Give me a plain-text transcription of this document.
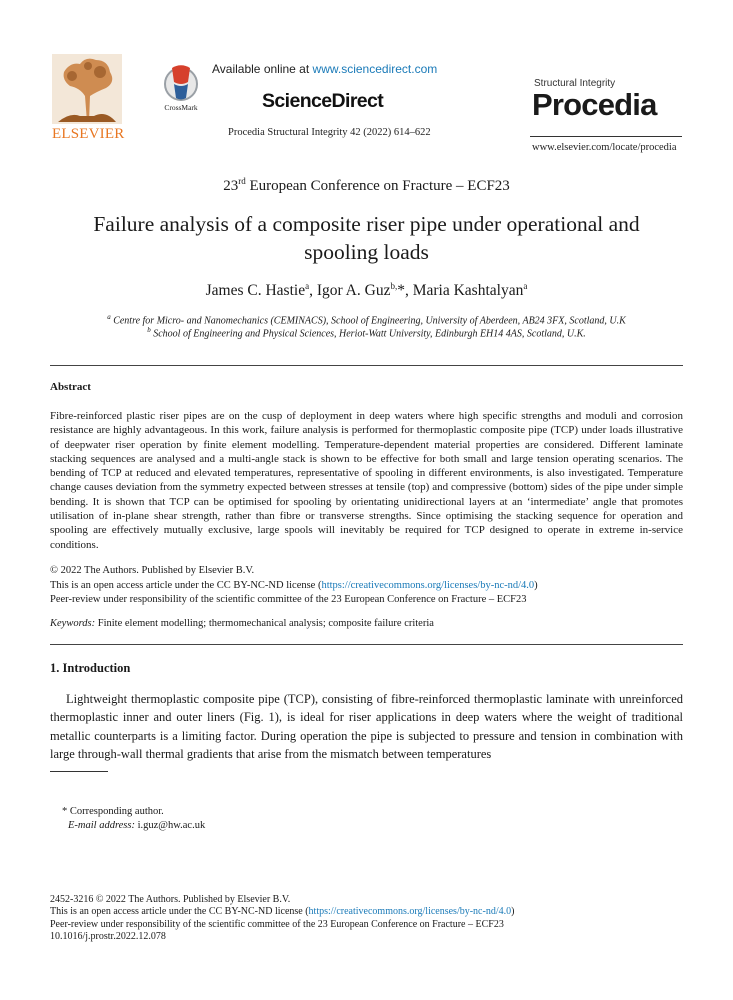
ELSEVIER
CrossMark
Available online at www.sciencedirect.com
ScienceDirect
Procedia Structural Integrity 42 (2022) 614–622
Structural Integrity
Procedia
www.elsevier.com/locate/procedia
23rd European Conference on Fracture – ECF23
Failure analysis of a composite riser pipe under operational and spooling loads
James C. Hastie$^a$, Igor A. Guz$^{b,}$*, Maria Kashtalyan$^a$
$^a$ Centre for Micro- and Nanomechanics (CEMINACS), School of Engineering, University of Aberdeen, AB24 3FX, Scotland, U.K
$^b$ School of Engineering and Physical Sciences, Heriot-Watt University, Edinburgh EH14 4AS, Scotland, U.K.
Abstract
Fibre-reinforced plastic riser pipes are on the cusp of deployment in deep waters where high specific strengths and moduli and corrosion resistance are highly advantageous. In this work, failure analysis is performed for thermoplastic composite pipe (TCP) under loads illustrative of deepwater riser operation by finite element modelling. Temperature-dependent material properties are considered. Different laminate stacking sequences are analysed and a multi-angle stack is shown to be effective for both small and large tension operating scenarios. The bending of TCP at reduced and elevated temperatures, representative of spooling in different environments, is also investigated. Temperature change causes deviation from the symmetry expected between stresses at tensile (top) and compressive (bottom) sides of the pipe under simple bending. It is shown that TCP can be optimised for spooling by orientating unidirectional layers at an ‘intermediate’ angle that promotes utilisation of in-plane shear strength, rather than fibre or transverse strengths. Since optimising the stacking sequence for operation and spooling are effectively mutually exclusive, large spools will inevitably be required for TCP designed to operate in extreme in-service conditions.
© 2022 The Authors. Published by Elsevier B.V.
This is an open access article under the CC BY-NC-ND license (https://creativecommons.org/licenses/by-nc-nd/4.0)
Peer-review under responsibility of the scientific committee of the 23 European Conference on Fracture – ECF23
Keywords: Finite element modelling; thermomechanical analysis; composite failure criteria
1. Introduction
Lightweight thermoplastic composite pipe (TCP), consisting of fibre-reinforced thermoplastic laminate with unreinforced thermoplastic inner and outer liners (Fig. 1), is ideal for riser applications in deep waters where the weight of traditional metallic counterparts is a limiting factor. During operation the pipe is subjected to pressure and tension in combination with large through-wall thermal gradients that arise from the mismatch between temperatures
* Corresponding author.
E-mail address: i.guz@hw.ac.uk
2452-3216 © 2022 The Authors. Published by Elsevier B.V.
This is an open access article under the CC BY-NC-ND license (https://creativecommons.org/licenses/by-nc-nd/4.0)
Peer-review under responsibility of the scientific committee of the 23 European Conference on Fracture – ECF23
10.1016/j.prostr.2022.12.078
